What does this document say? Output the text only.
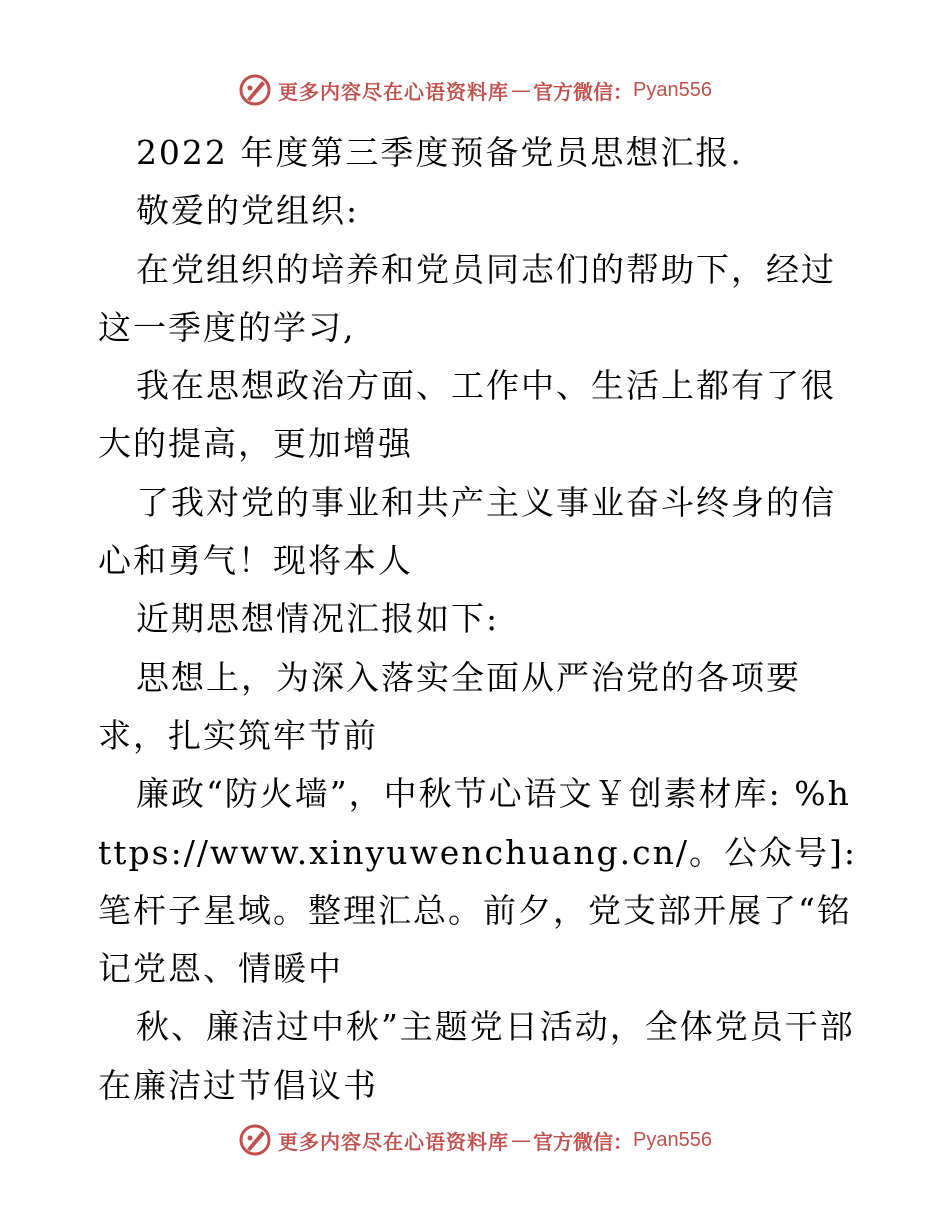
更多内容尽在心语资料库 — 官方微信： Pyan556

2022 年度第三季度预备党员思想汇报.

敬爱的党组织:

在党组织的培养和党员同志们的帮助下，经过这一季度的学习,

我在思想政治方面、工作中、生活上都有了很大的提高，更加增强

了我对党的事业和共产主义事业奋斗终身的信心和勇气！现将本人

近期思想情况汇报如下:

思想上，为深入落实全面从严治党的各项要求，扎实筑牢节前

廉政“防火墙”，中秋节心语文￥创素材库: %https://www.xinyuwenchuang.cn/。公众号]: 笔杆子星域。整理汇总。前夕，党支部开展了“铭记党恩、情暖中

秋、廉洁过中秋”主题党日活动，全体党员干部在廉洁过节倡议书

更多内容尽在心语资料库 — 官方微信： Pyan556
